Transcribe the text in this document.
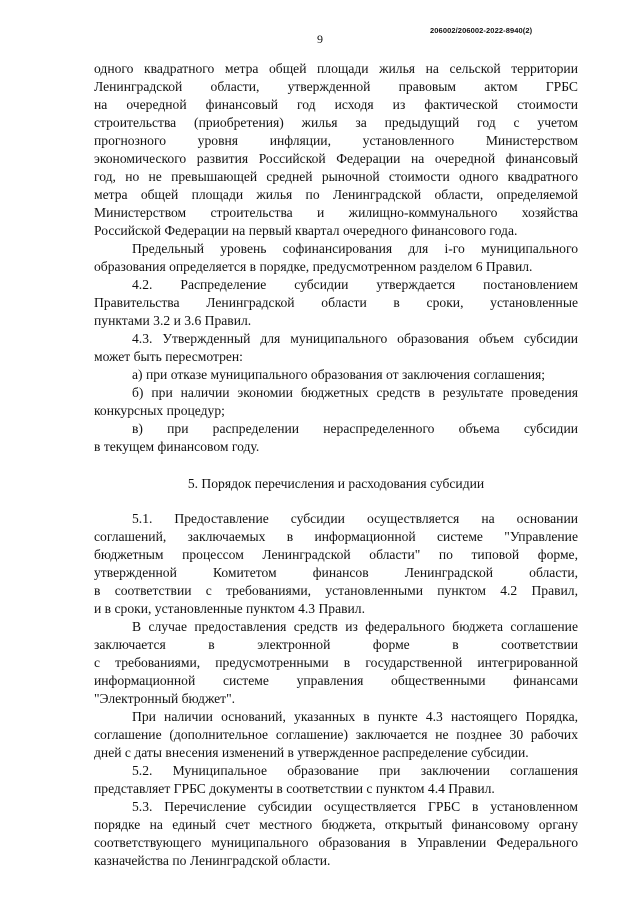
9
206002/206002-2022-8940(2)
одного квадратного метра общей площади жилья на сельской территории
Ленинградской области, утвержденной правовым актом ГРБС
на очередной финансовый год исходя из фактической стоимости
строительства (приобретения) жилья за предыдущий год с учетом
прогнозного уровня инфляции, установленного Министерством
экономического развития Российской Федерации на очередной финансовый
год, но не превышающей средней рыночной стоимости одного квадратного
метра общей площади жилья по Ленинградской области, определяемой
Министерством строительства и жилищно-коммунального хозяйства
Российской Федерации на первый квартал очередного финансового года.
Предельный уровень софинансирования для i-го муниципального
образования определяется в порядке, предусмотренном разделом 6 Правил.
4.2. Распределение субсидии утверждается постановлением
Правительства Ленинградской области в сроки, установленные
пунктами 3.2 и 3.6 Правил.
4.3. Утвержденный для муниципального образования объем субсидии
может быть пересмотрен:
а) при отказе муниципального образования от заключения соглашения;
б) при наличии экономии бюджетных средств в результате проведения
конкурсных процедур;
в) при распределении нераспределенного объема субсидии
в текущем финансовом году.
5. Порядок перечисления и расходования субсидии
5.1. Предоставление субсидии осуществляется на основании
соглашений, заключаемых в информационной системе "Управление
бюджетным процессом Ленинградской области" по типовой форме,
утвержденной Комитетом финансов Ленинградской области,
в соответствии с требованиями, установленными пунктом 4.2 Правил,
и в сроки, установленные пунктом 4.3 Правил.
В случае предоставления средств из федерального бюджета соглашение
заключается в электронной форме в соответствии
с требованиями, предусмотренными в государственной интегрированной
информационной системе управления общественными финансами
"Электронный бюджет".
При наличии оснований, указанных в пункте 4.3 настоящего Порядка,
соглашение (дополнительное соглашение) заключается не позднее 30 рабочих
дней с даты внесения изменений в утвержденное распределение субсидии.
5.2. Муниципальное образование при заключении соглашения
представляет ГРБС документы в соответствии с пунктом 4.4 Правил.
5.3. Перечисление субсидии осуществляется ГРБС в установленном
порядке на единый счет местного бюджета, открытый финансовому органу
соответствующего муниципального образования в Управлении Федерального
казначейства по Ленинградской области.
